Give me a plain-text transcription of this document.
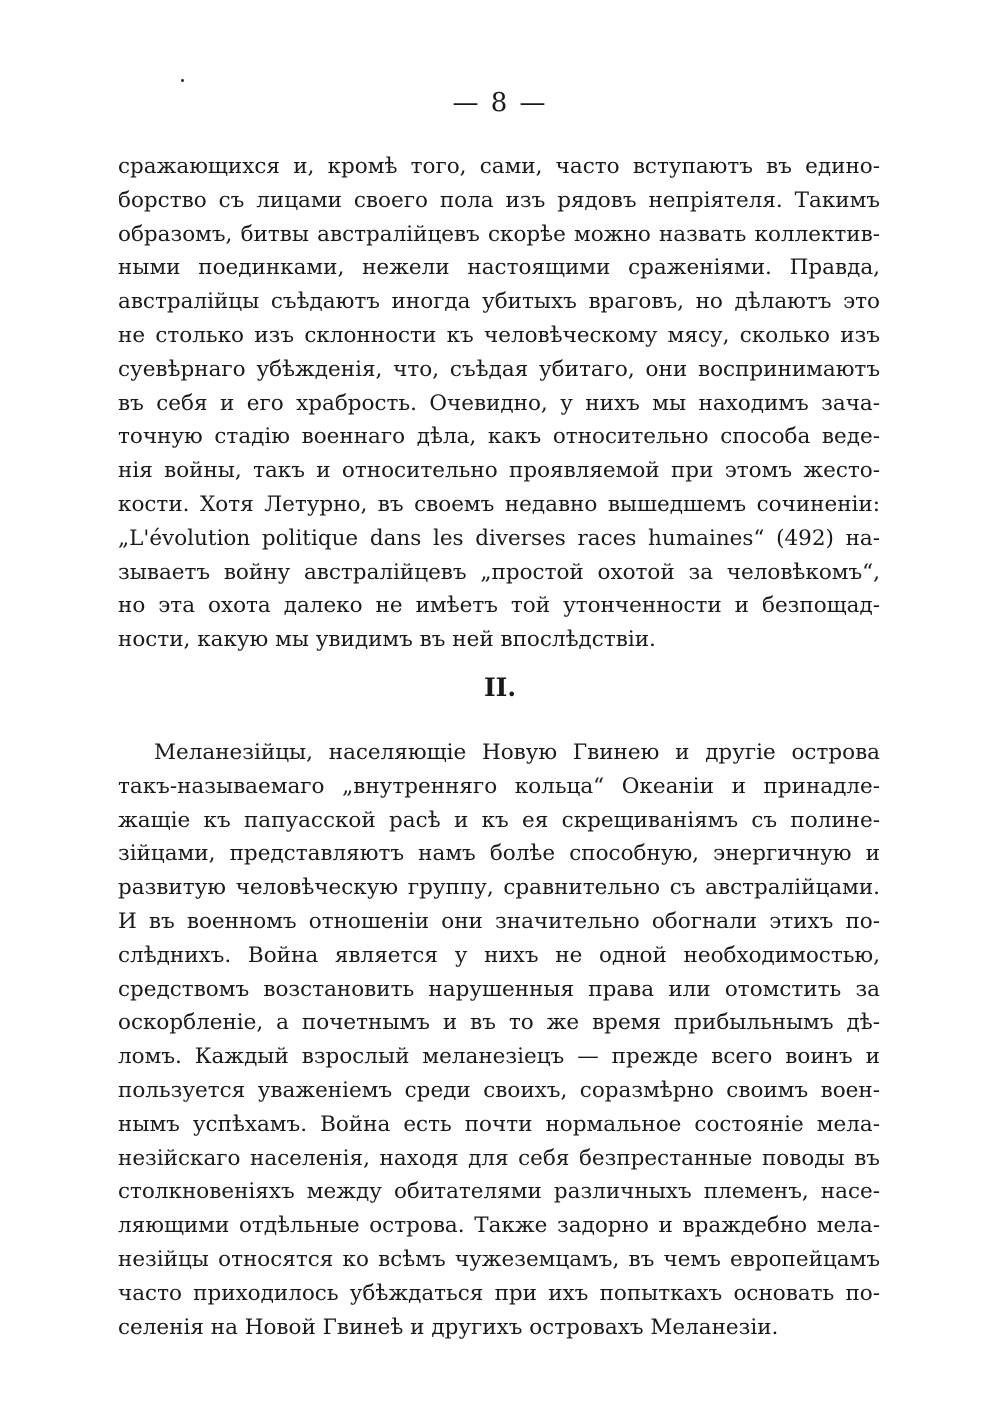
— 8 —
сражающихся и, кромѣ того, сами, часто вступаютъ въ едино-
борство съ лицами своего пола изъ рядовъ непріятеля. Такимъ
образомъ, битвы австралійцевъ скорѣе можно назвать коллектив-
ными поединками, нежели настоящими сраженіями. Правда,
австралійцы съѣдаютъ иногда убитыхъ враговъ, но дѣлаютъ это
не столько изъ склонности къ человѣческому мясу, сколько изъ
суевѣрнаго убѣжденія, что, съѣдая убитаго, они воспринимаютъ
въ себя и его храбрость. Очевидно, у нихъ мы находимъ зача-
точную стадію военнаго дѣла, какъ относительно способа веде-
нія войны, такъ и относительно проявляемой при этомъ жесто-
кости. Хотя Летурно, въ своемъ недавно вышедшемъ сочиненіи:
„L'évolution politique dans les diverses races humaines“ (492) на-
зываетъ войну австралійцевъ „простой охотой за человѣкомъ“,
но эта охота далеко не имѣетъ той утонченности и безпощад-
ности, какую мы увидимъ въ ней впослѣдствіи.
II.
Меланезійцы, населяющіе Новую Гвинею и другіе острова
такъ-называемаго „внутренняго кольца“ Океаніи и принадле-
жащіе къ папуасской расѣ и къ ея скрещиваніямъ съ полине-
зійцами, представляютъ намъ болѣе способную, энергичную и
развитую человѣческую группу, сравнительно съ австралійцами.
И въ военномъ отношеніи они значительно обогнали этихъ по-
слѣднихъ. Война является у нихъ не одной необходимостью,
средствомъ возстановить нарушенныя права или отомстить за
оскорбленіе, а почетнымъ и въ то же время прибыльнымъ дѣ-
ломъ. Каждый взрослый меланезіецъ — прежде всего воинъ и
пользуется уваженіемъ среди своихъ, соразмѣрно своимъ воен-
нымъ успѣхамъ. Война есть почти нормальное состояніе мела-
незійскаго населенія, находя для себя безпрестанные поводы въ
столкновеніяхъ между обитателями различныхъ племенъ, насе-
ляющими отдѣльные острова. Также задорно и враждебно мела-
незійцы относятся ко всѣмъ чужеземцамъ, въ чемъ европейцамъ
часто приходилось убѣждаться при ихъ попыткахъ основать по-
селенія на Новой Гвинеѣ и другихъ островахъ Меланезіи.
